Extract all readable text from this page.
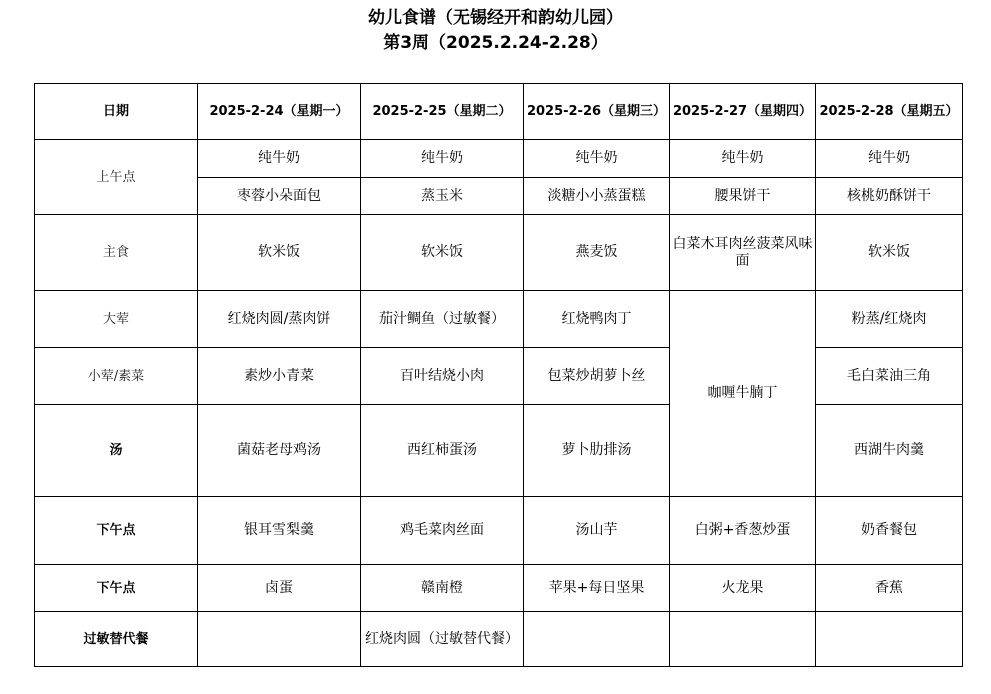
幼儿食谱（无锡经开和韵幼儿园）
第3周（2025.2.24-2.28）
日期	2025-2-24（星期一）	2025-2-25（星期二）	2025-2-26（星期三）	2025-2-27（星期四）	2025-2-28（星期五）
上午点	纯牛奶	纯牛奶	纯牛奶	纯牛奶	纯牛奶
	枣蓉小朵面包	蒸玉米	淡糖小小蒸蛋糕	腰果饼干	核桃奶酥饼干
主食	软米饭	软米饭	燕麦饭	白菜木耳肉丝菠菜风味面	软米饭
大荤	红烧肉圆/蒸肉饼	茄汁鲷鱼（过敏餐）	红烧鸭肉丁	咖喱牛腩丁	粉蒸/红烧肉
小荤/素菜	素炒小青菜	百叶结烧小肉	包菜炒胡萝卜丝		毛白菜油三角
汤	菌菇老母鸡汤	西红柿蛋汤	萝卜肋排汤		西湖牛肉羹
下午点	银耳雪梨羹	鸡毛菜肉丝面	汤山芋	白粥+香葱炒蛋	奶香餐包
下午点	卤蛋	赣南橙	苹果+每日坚果	火龙果	香蕉
过敏替代餐		红烧肉圆（过敏替代餐）			
